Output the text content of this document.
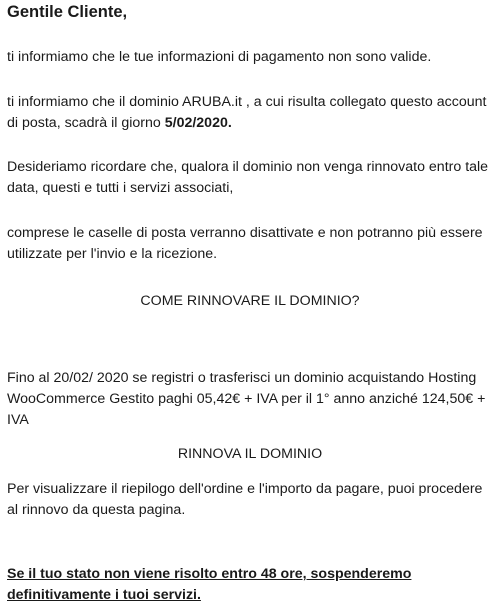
Gentile Cliente,

ti informiamo che le tue informazioni di pagamento non sono valide.

ti informiamo che il dominio ARUBA.it , a cui risulta collegato questo account di posta, scadrà il giorno 5/02/2020.

Desideriamo ricordare che, qualora il dominio non venga rinnovato entro tale data, questi e tutti i servizi associati,

comprese le caselle di posta verranno disattivate e non potranno più essere utilizzate per l'invio e la ricezione.

COME RINNOVARE IL DOMINIO?

Fino al 20/02/ 2020 se registri o trasferisci un dominio acquistando Hosting WooCommerce Gestito paghi 05,42€ + IVA per il 1° anno anziché 124,50€ + IVA

RINNOVA IL DOMINIO

Per visualizzare il riepilogo dell'ordine e l'importo da pagare, puoi procedere al rinnovo da questa pagina.

Se il tuo stato non viene risolto entro 48 ore, sospenderemo definitivamente i tuoi servizi.
